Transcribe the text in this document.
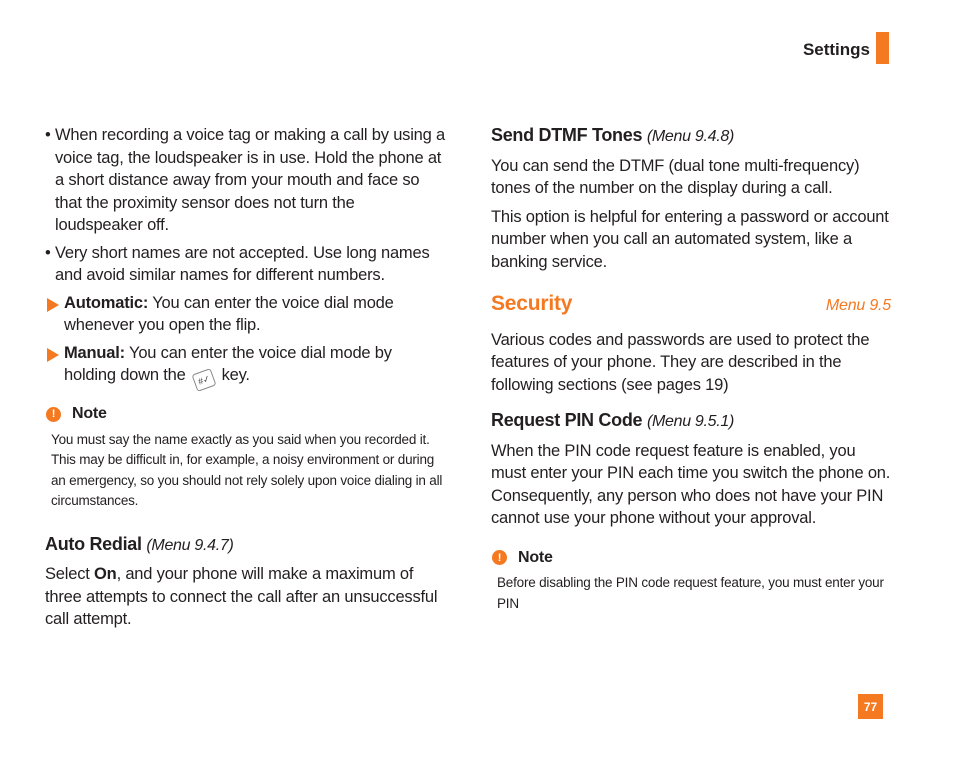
Settings
• When recording a voice tag or making a call by using a voice tag, the loudspeaker is in use. Hold the phone at a short distance away from your mouth and face so that the proximity sensor does not turn the loudspeaker off.
• Very short names are not accepted. Use long names and avoid similar names for different numbers.
Automatic: You can enter the voice dial mode whenever you open the flip.
Manual: You can enter the voice dial mode by holding down the #✓ key.
!	Note

You must say the name exactly as you said when you recorded it. This may be difficult in, for example, a noisy environment or during an emergency, so you should not rely solely upon voice dialing in all circumstances.

Auto Redial (Menu 9.4.7)

Select On, and your phone will make a maximum of three attempts to connect the call after an unsuccessful call attempt.

Send DTMF Tones (Menu 9.4.8)

You can send the DTMF (dual tone multi-frequency) tones of the number on the display during a call.

This option is helpful for entering a password or account number when you call an automated system, like a banking service.

Security	Menu 9.5

Various codes and passwords are used to protect the features of your phone. They are described in the following sections (see pages 19)

Request PIN Code (Menu 9.5.1)

When the PIN code request feature is enabled, you must enter your PIN each time you switch the phone on. Consequently, any person who does not have your PIN cannot use your phone without your approval.

!	Note

Before disabling the PIN code request feature, you must enter your PIN

77
